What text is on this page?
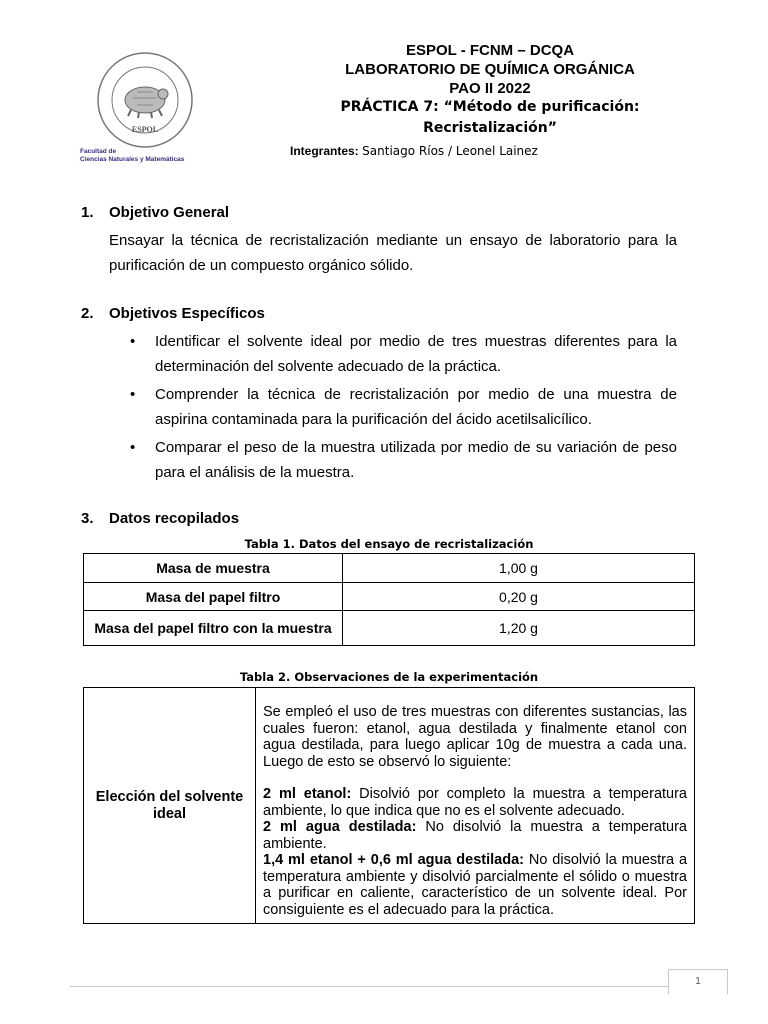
ESPOL
Facultad de
Ciencias Naturales y Matemáticas
ESPOL - FCNM – DCQA
LABORATORIO DE QUÍMICA ORGÁNICA
PAO II 2022
PRÁCTICA 7: “Método de purificación:
Recristalización”
Integrantes: Santiago Ríos / Leonel Lainez
1. Objetivo General
Ensayar la técnica de recristalización mediante un ensayo de laboratorio para la purificación de un compuesto orgánico sólido.
2. Objetivos Específicos
• Identificar el solvente ideal por medio de tres muestras diferentes para la determinación del solvente adecuado de la práctica.
• Comprender la técnica de recristalización por medio de una muestra de aspirina contaminada para la purificación del ácido acetilsalicílico.
• Comparar el peso de la muestra utilizada por medio de su variación de peso para el análisis de la muestra.
3. Datos recopilados
Tabla 1. Datos del ensayo de recristalización
Masa de muestra	1,00 g
Masa del papel filtro	0,20 g
Masa del papel filtro con la muestra	1,20 g
Tabla 2. Observaciones de la experimentación
Elección del solvente ideal	

Se empleó el uso de tres muestras con diferentes sustancias, las cuales fueron: etanol, agua destilada y finalmente etanol con agua destilada, para luego aplicar 10g de muestra a cada una. Luego de esto se observó lo siguiente:

2 ml etanol: Disolvió por completo la muestra a temperatura ambiente, lo que indica que no es el solvente adecuado.

2 ml agua destilada: No disolvió la muestra a temperatura ambiente.

1,4 ml etanol + 0,6 ml agua destilada: No disolvió la muestra a temperatura ambiente y disolvió parcialmente el sólido o muestra a purificar en caliente, característico de un solvente ideal. Por consiguiente es el adecuado para la práctica.

1
